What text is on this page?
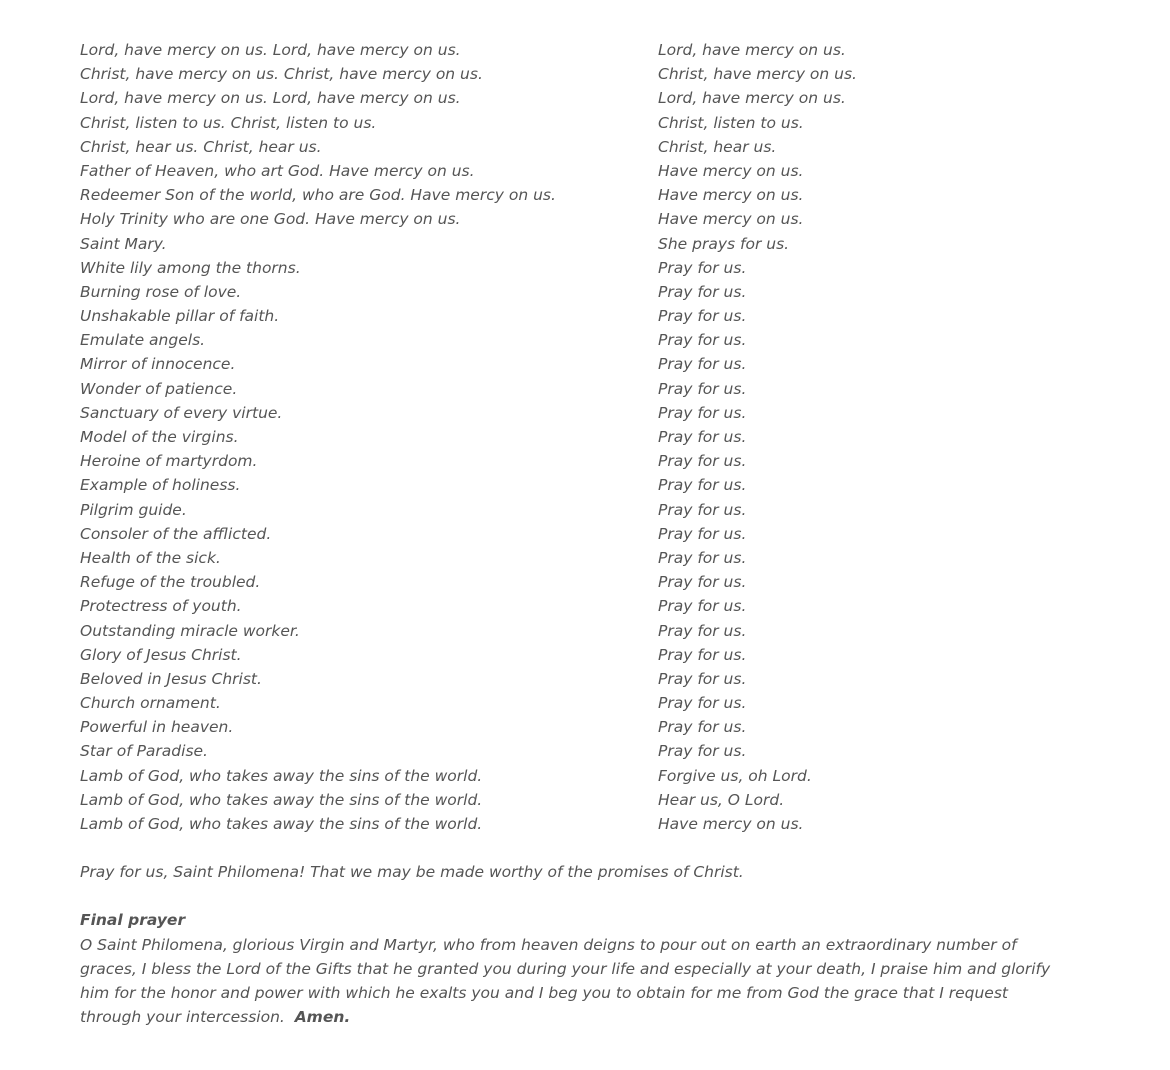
Lord, have mercy on us. Lord, have mercy on us.	Lord, have mercy on us.
Christ, have mercy on us. Christ, have mercy on us.	Christ, have mercy on us.
Lord, have mercy on us. Lord, have mercy on us.	Lord, have mercy on us.
Christ, listen to us. Christ, listen to us.	Christ, listen to us.
Christ, hear us. Christ, hear us.	Christ, hear us.
Father of Heaven, who art God. Have mercy on us.	Have mercy on us.
Redeemer Son of the world, who are God. Have mercy on us.	Have mercy on us.
Holy Trinity who are one God. Have mercy on us.	Have mercy on us.
Saint Mary.	She prays for us.
White lily among the thorns.	Pray for us.
Burning rose of love.	Pray for us.
Unshakable pillar of faith.	Pray for us.
Emulate angels.	Pray for us.
Mirror of innocence.	Pray for us.
Wonder of patience.	Pray for us.
Sanctuary of every virtue.	Pray for us.
Model of the virgins.	Pray for us.
Heroine of martyrdom.	Pray for us.
Example of holiness.	Pray for us.
Pilgrim guide.	Pray for us.
Consoler of the afflicted.	Pray for us.
Health of the sick.	Pray for us.
Refuge of the troubled.	Pray for us.
Protectress of youth.	Pray for us.
Outstanding miracle worker.	Pray for us.
Glory of Jesus Christ.	Pray for us.
Beloved in Jesus Christ.	Pray for us.
Church ornament.	Pray for us.
Powerful in heaven.	Pray for us.
Star of Paradise.	Pray for us.
Lamb of God, who takes away the sins of the world.	Forgive us, oh Lord.
Lamb of God, who takes away the sins of the world.	Hear us, O Lord.
Lamb of God, who takes away the sins of the world.	Have mercy on us.
Pray for us, Saint Philomena! That we may be made worthy of the promises of Christ.
Final prayer
O Saint Philomena, glorious Virgin and Martyr, who from heaven deigns to pour out on earth an extraordinary number of graces, I bless the Lord of the Gifts that he granted you during your life and especially at your death, I praise him and glorify him for the honor and power with which he exalts you and I beg you to obtain for me from God the grace that I request through your intercession. Amen.
